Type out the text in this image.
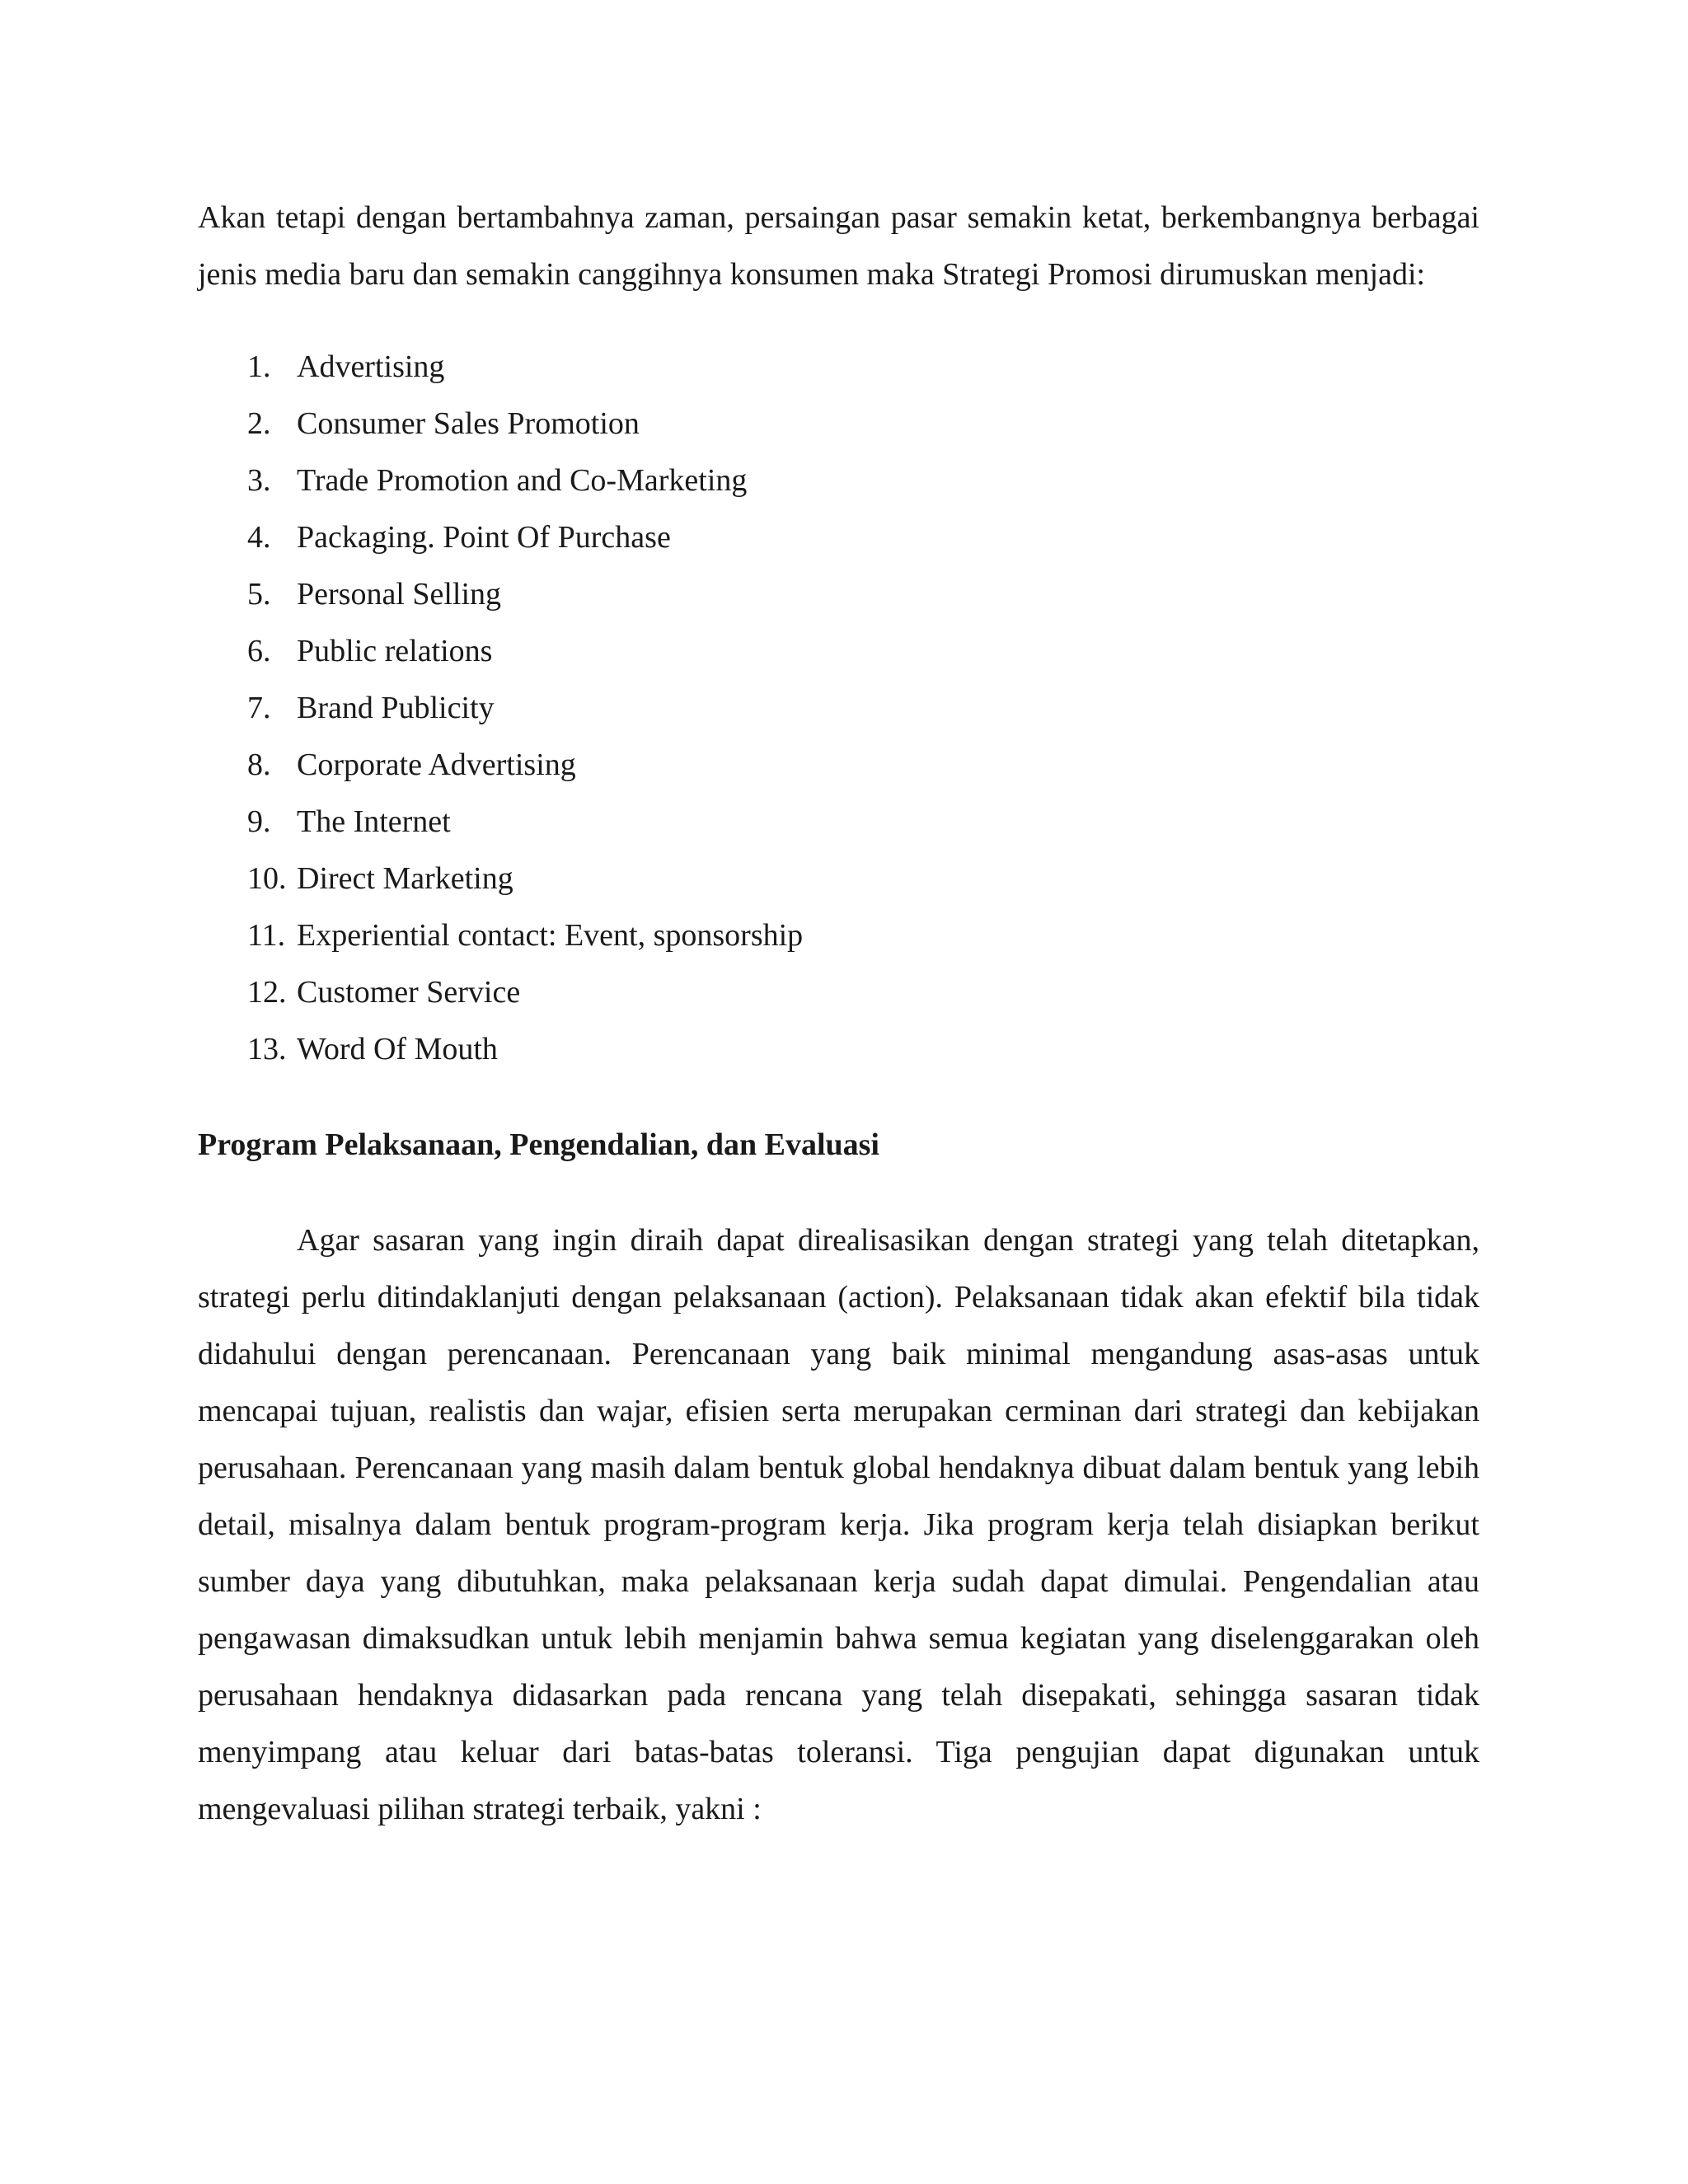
Akan tetapi dengan bertambahnya zaman, persaingan pasar semakin ketat, berkembangnya berbagai jenis media baru dan semakin canggihnya konsumen maka Strategi Promosi dirumuskan menjadi:

1. Advertising
2. Consumer Sales Promotion
3. Trade Promotion and Co-Marketing
4. Packaging. Point Of Purchase
5. Personal Selling
6. Public relations
7. Brand Publicity
8. Corporate Advertising
9. The Internet
10. Direct Marketing
11. Experiential contact: Event, sponsorship
12. Customer Service
13. Word Of Mouth
Program Pelaksanaan, Pengendalian, dan Evaluasi

Agar sasaran yang ingin diraih dapat direalisasikan dengan strategi yang telah ditetapkan, strategi perlu ditindaklanjuti dengan pelaksanaan (action). Pelaksanaan tidak akan efektif bila tidak didahului dengan perencanaan. Perencanaan yang baik minimal mengandung asas-asas untuk mencapai tujuan, realistis dan wajar, efisien serta merupakan cerminan dari strategi dan kebijakan perusahaan. Perencanaan yang masih dalam bentuk global hendaknya dibuat dalam bentuk yang lebih detail, misalnya dalam bentuk program-program kerja. Jika program kerja telah disiapkan berikut sumber daya yang dibutuhkan, maka pelaksanaan kerja sudah dapat dimulai. Pengendalian atau pengawasan dimaksudkan untuk lebih menjamin bahwa semua kegiatan yang diselenggarakan oleh perusahaan hendaknya didasarkan pada rencana yang telah disepakati, sehingga sasaran tidak menyimpang atau keluar dari batas-batas toleransi. Tiga pengujian dapat digunakan untuk mengevaluasi pilihan strategi terbaik, yakni :
